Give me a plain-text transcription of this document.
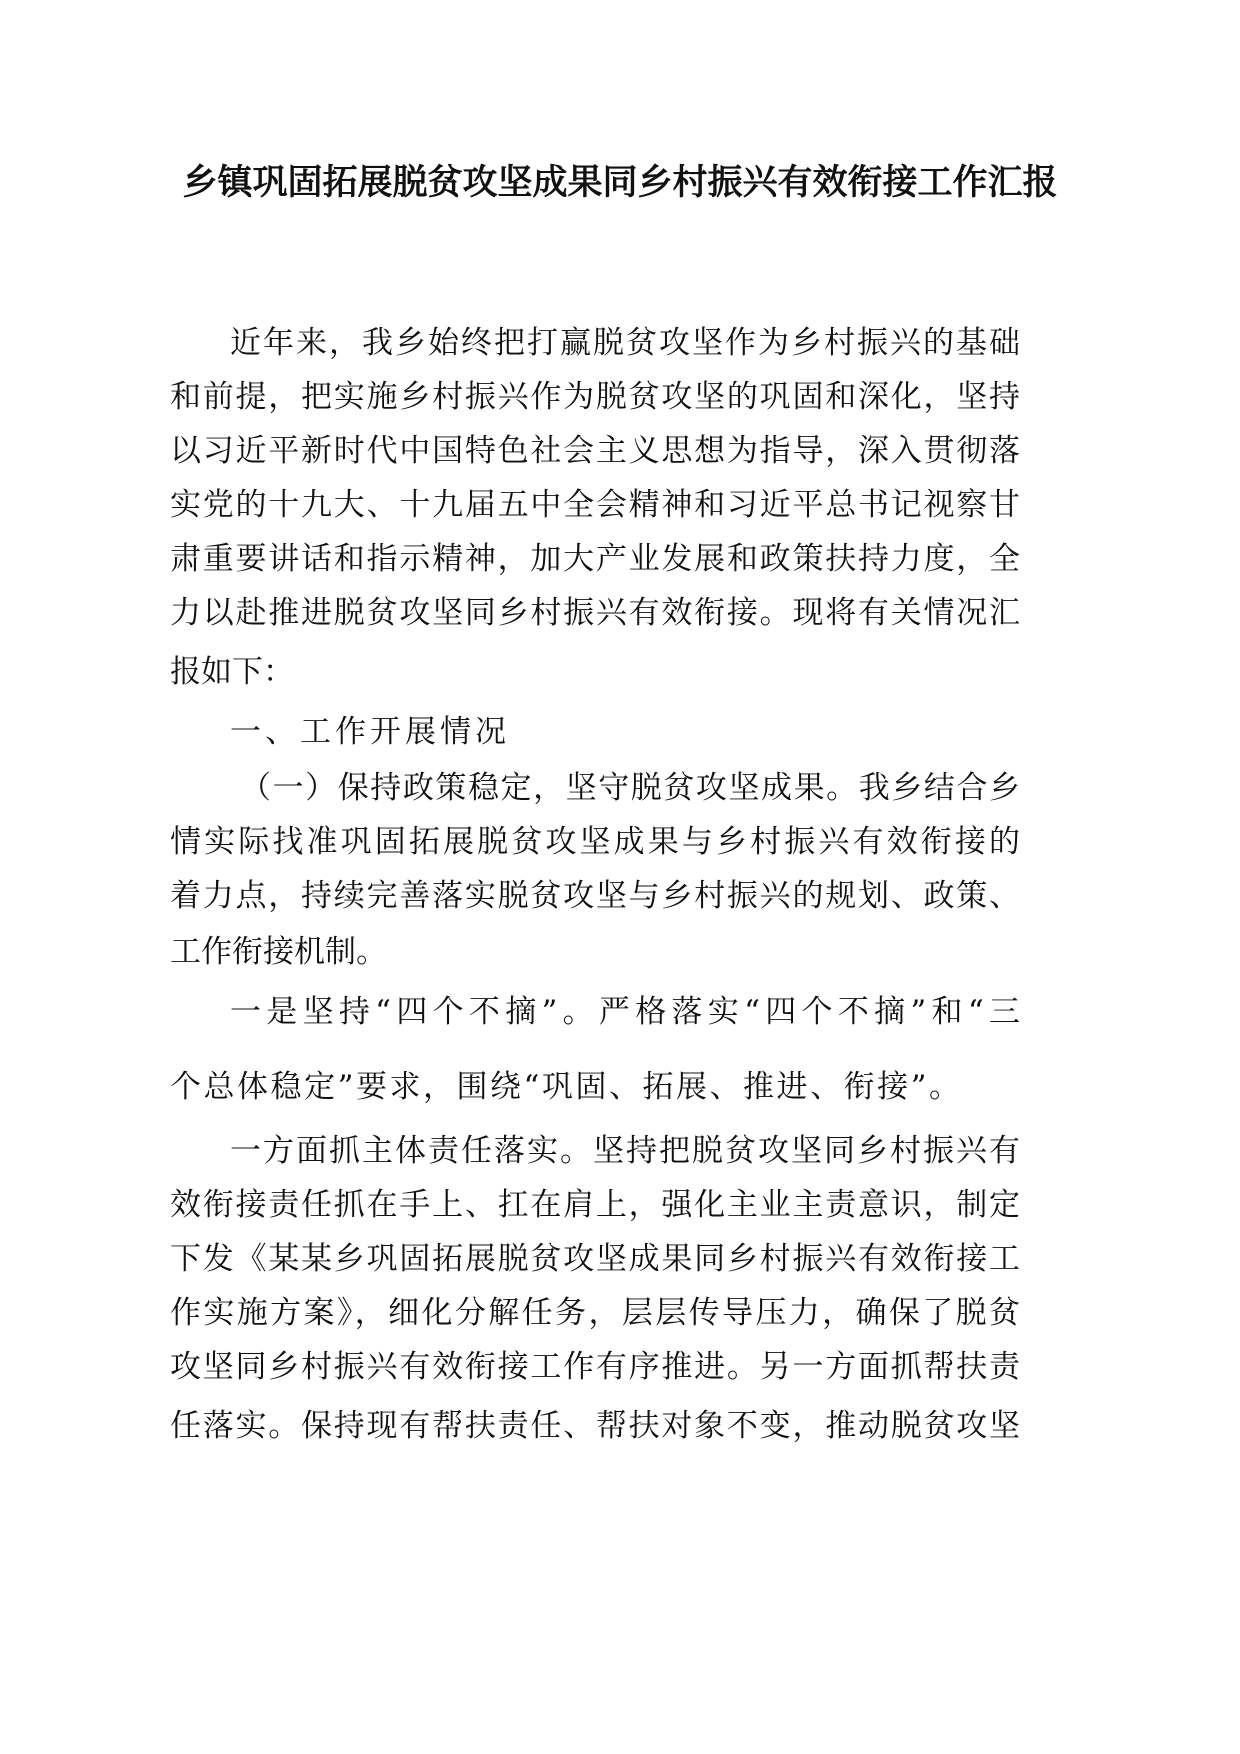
乡镇巩固拓展脱贫攻坚成果同乡村振兴有效衔接工作汇报
近年来，我乡始终把打赢脱贫攻坚作为乡村振兴的基础
和前提，把实施乡村振兴作为脱贫攻坚的巩固和深化，坚持
以习近平新时代中国特色社会主义思想为指导，深入贯彻落
实党的十九大、十九届五中全会精神和习近平总书记视察甘
肃重要讲话和指示精神，加大产业发展和政策扶持力度，全
力以赴推进脱贫攻坚同乡村振兴有效衔接。现将有关情况汇
报如下：
一、工作开展情况
（一）保持政策稳定，坚守脱贫攻坚成果。我乡结合乡
情实际找准巩固拓展脱贫攻坚成果与乡村振兴有效衔接的
着力点，持续完善落实脱贫攻坚与乡村振兴的规划、政策、
工作衔接机制。
一是坚持“四个不摘”。严格落实“四个不摘”和“三
个总体稳定”要求，围绕“巩固、拓展、推进、衔接”。
一方面抓主体责任落实。坚持把脱贫攻坚同乡村振兴有
效衔接责任抓在手上、扛在肩上，强化主业主责意识，制定
下发《某某乡巩固拓展脱贫攻坚成果同乡村振兴有效衔接工
作实施方案》，细化分解任务，层层传导压力，确保了脱贫
攻坚同乡村振兴有效衔接工作有序推进。另一方面抓帮扶责
任落实。保持现有帮扶责任、帮扶对象不变，推动脱贫攻坚
